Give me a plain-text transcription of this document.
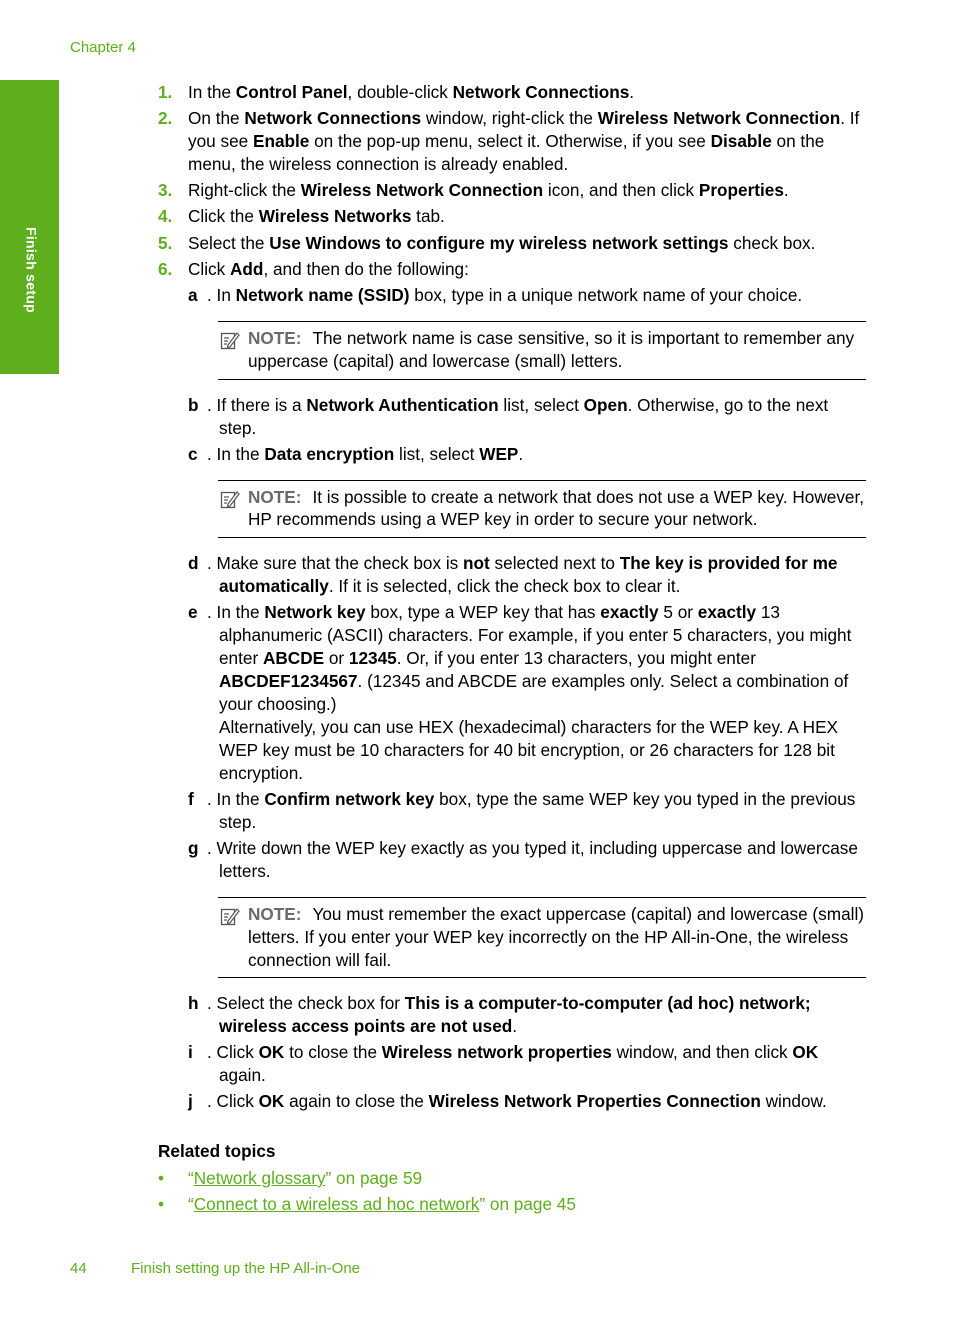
Chapter 4
Finish setup
1. In the Control Panel, double-click Network Connections.
2. On the Network Connections window, right-click the Wireless Network Connection. If you see Enable on the pop-up menu, select it. Otherwise, if you see Disable on the menu, the wireless connection is already enabled.
3. Right-click the Wireless Network Connection icon, and then click Properties.
4. Click the Wireless Networks tab.
5. Select the Use Windows to configure my wireless network settings check box.
6. Click Add, and then do the following:
a . In Network name (SSID) box, type in a unique network name of your choice.
NOTE: The network name is case sensitive, so it is important to remember any uppercase (capital) and lowercase (small) letters.
b . If there is a Network Authentication list, select Open. Otherwise, go to the next step.
c . In the Data encryption list, select WEP.
NOTE: It is possible to create a network that does not use a WEP key. However, HP recommends using a WEP key in order to secure your network.
d . Make sure that the check box is not selected next to The key is provided for me automatically. If it is selected, click the check box to clear it.
e . In the Network key box, type a WEP key that has exactly 5 or exactly 13 alphanumeric (ASCII) characters. For example, if you enter 5 characters, you might enter ABCDE or 12345. Or, if you enter 13 characters, you might enter ABCDEF1234567. (12345 and ABCDE are examples only. Select a combination of your choosing.)
Alternatively, you can use HEX (hexadecimal) characters for the WEP key. A HEX WEP key must be 10 characters for 40 bit encryption, or 26 characters for 128 bit encryption.
f . In the Confirm network key box, type the same WEP key you typed in the previous step.
g . Write down the WEP key exactly as you typed it, including uppercase and lowercase letters.
NOTE: You must remember the exact uppercase (capital) and lowercase (small) letters. If you enter your WEP key incorrectly on the HP All-in-One, the wireless connection will fail.
h . Select the check box for This is a computer-to-computer (ad hoc) network; wireless access points are not used.
i . Click OK to close the Wireless network properties window, and then click OK again.
j . Click OK again to close the Wireless Network Properties Connection window.
Related topics
• “Network glossary” on page 59
• “Connect to a wireless ad hoc network” on page 45
44	Finish setting up the HP All-in-One
